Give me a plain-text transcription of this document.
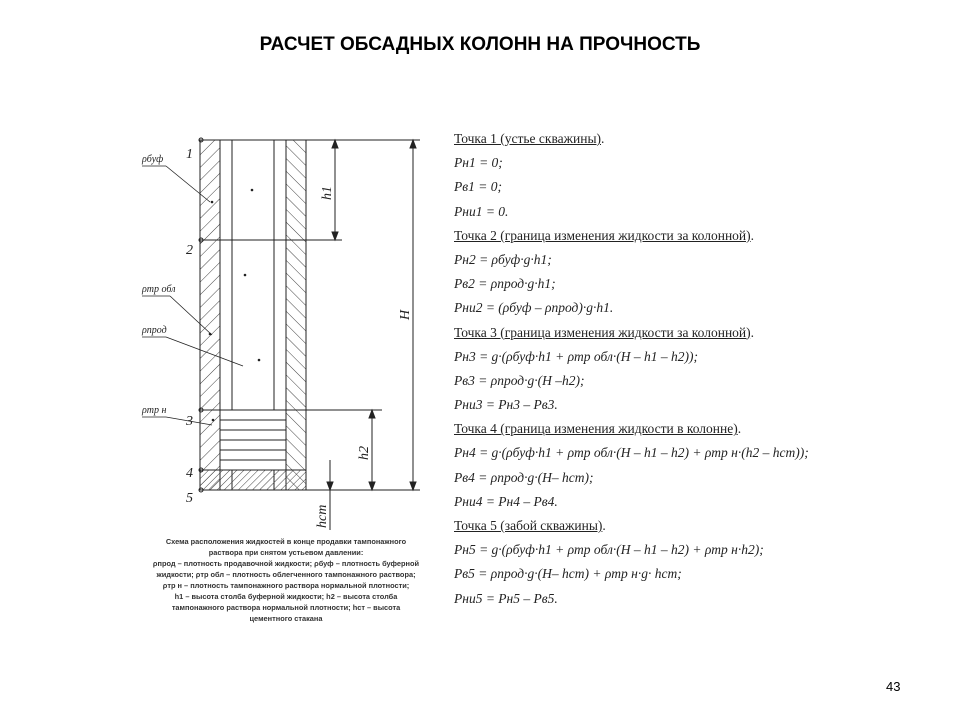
РАСЧЕТ ОБСАДНЫХ КОЛОНН НА ПРОЧНОСТЬ
1
2
3
4
5
ρбуф
ρтр обл
ρпрод
ρтр н
h1
H
h2
hст
Схема расположения жидкостей в конце продавки тампонажного
раствора при снятом устьевом давлении:
ρпрод – плотность продавочной жидкости; ρбуф – плотность буферной
жидкости; ρтр обл – плотность облегченного тампонажного раствора;
ρтр н – плотность тампонажного раствора нормальной плотности;
h1 – высота столба буферной жидкости; h2 – высота столба
тампонажного раствора нормальной плотности; hст – высота
цементного стакана
Точка 1 (устье скважины).
Pн1 = 0;
Pв1 = 0;
Pни1 = 0.
Точка 2 (граница изменения жидкости за колонной).
Pн2 = ρбуф·g·h1;
Pв2 = ρпрод·g·h1;
Pни2 = (ρбуф – ρпрод)·g·h1.
Точка 3 (граница изменения жидкости за колонной).
Pн3 = g·(ρбуф·h1 + ρтр обл·(H – h1 – h2));
Pв3 = ρпрод·g·(H –h2);
Pни3 = Pн3 – Pв3.
Точка 4 (граница изменения жидкости в колонне).
Pн4 = g·(ρбуф·h1 + ρтр обл·(H – h1 – h2) + ρтр н·(h2 – hст));
Pв4 = ρпрод·g·(H– hст);
Pни4 = Pн4 – Pв4.
Точка 5 (забой скважины).
Pн5 = g·(ρбуф·h1 + ρтр обл·(H – h1 – h2) + ρтр н·h2);
Pв5 = ρпрод·g·(H– hст) + ρтр н·g· hст;
Pни5 = Pн5 – Pв5.
43
